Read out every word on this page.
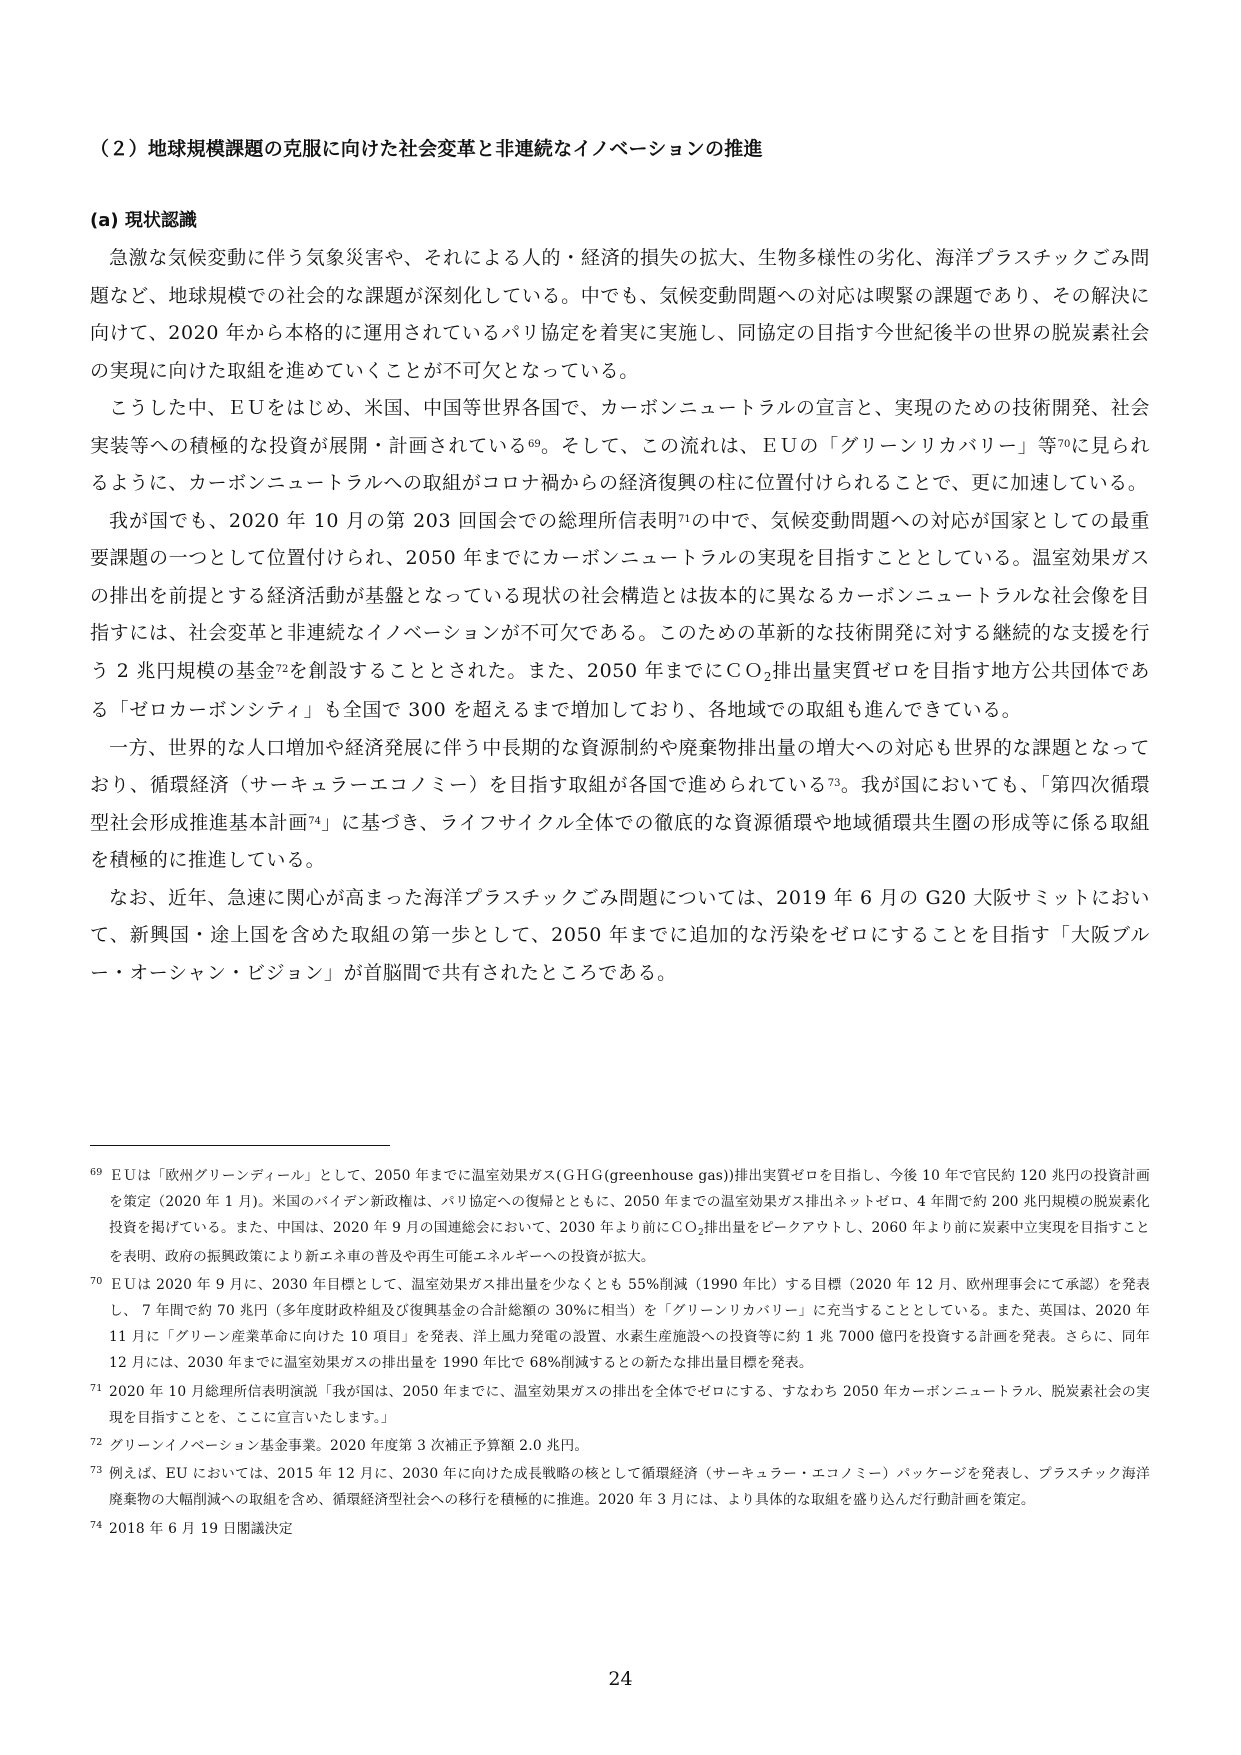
（２）地球規模課題の克服に向けた社会変革と非連続なイノベーションの推進
(a) 現状認識

急激な気候変動に伴う気象災害や、それによる人的・経済的損失の拡大、生物多様性の劣化、海洋プラスチックごみ問題など、地球規模での社会的な課題が深刻化している。中でも、気候変動問題への対応は喫緊の課題であり、その解決に向けて、2020 年から本格的に運用されているパリ協定を着実に実施し、同協定の目指す今世紀後半の世界の脱炭素社会の実現に向けた取組を進めていくことが不可欠となっている。

こうした中、ＥＵをはじめ、米国、中国等世界各国で、カーボンニュートラルの宣言と、実現のための技術開発、社会実装等への積極的な投資が展開・計画されている$^{69}$。そして、この流れは、ＥＵの「グリーンリカバリー」等$^{70}$に見られるように、カーボンニュートラルへの取組がコロナ禍からの経済復興の柱に位置付けられることで、更に加速している。

我が国でも、2020 年 10 月の第 203 回国会での総理所信表明$^{71}$の中で、気候変動問題への対応が国家としての最重要課題の一つとして位置付けられ、2050 年までにカーボンニュートラルの実現を目指すこととしている。温室効果ガスの排出を前提とする経済活動が基盤となっている現状の社会構造とは抜本的に異なるカーボンニュートラルな社会像を目指すには、社会変革と非連続なイノベーションが不可欠である。このための革新的な技術開発に対する継続的な支援を行う 2 兆円規模の基金$^{72}$を創設することとされた。また、2050 年までにＣＯ$_2$排出量実質ゼロを目指す地方公共団体である「ゼロカーボンシティ」も全国で 300 を超えるまで増加しており、各地域での取組も進んできている。

一方、世界的な人口増加や経済発展に伴う中長期的な資源制約や廃棄物排出量の増大への対応も世界的な課題となっており、循環経済（サーキュラーエコノミー）を目指す取組が各国で進められている$^{73}$。我が国においても、「第四次循環型社会形成推進基本計画$^{74}$」に基づき、ライフサイクル全体での徹底的な資源循環や地域循環共生圏の形成等に係る取組を積極的に推進している。

なお、近年、急速に関心が高まった海洋プラスチックごみ問題については、2019 年 6 月の G20 大阪サミットにおいて、新興国・途上国を含めた取組の第一歩として、2050 年までに追加的な汚染をゼロにすることを目指す「大阪ブルー・オーシャン・ビジョン」が首脳間で共有されたところである。

69 ＥＵは「欧州グリーンディール」として、2050 年までに温室効果ガス(ＧＨＧ(greenhouse gas))排出実質ゼロを目指し、今後 10 年で官民約 120 兆円の投資計画を策定（2020 年 1 月)。米国のバイデン新政権は、パリ協定への復帰とともに、2050 年までの温室効果ガス排出ネットゼロ、4 年間で約 200 兆円規模の脱炭素化投資を掲げている。また、中国は、2020 年 9 月の国連総会において、2030 年より前にＣＯ$_2$排出量をピークアウトし、2060 年より前に炭素中立実現を目指すことを表明、政府の振興政策により新エネ車の普及や再生可能エネルギーへの投資が拡大。
70 ＥＵは 2020 年 9 月に、2030 年目標として、温室効果ガス排出量を少なくとも 55%削減（1990 年比）する目標（2020 年 12 月、欧州理事会にて承認）を発表し、 7 年間で約 70 兆円（多年度財政枠組及び復興基金の合計総額の 30%に相当）を「グリーンリカバリー」に充当することとしている。また、英国は、2020 年 11 月に「グリーン産業革命に向けた 10 項目」を発表、洋上風力発電の設置、水素生産施設への投資等に約 1 兆 7000 億円を投資する計画を発表。さらに、同年 12 月には、2030 年までに温室効果ガスの排出量を 1990 年比で 68%削減するとの新たな排出量目標を発表。
71 2020 年 10 月総理所信表明演説「我が国は、2050 年までに、温室効果ガスの排出を全体でゼロにする、すなわち 2050 年カーボンニュートラル、脱炭素社会の実現を目指すことを、ここに宣言いたします。」
72 グリーンイノベーション基金事業。2020 年度第 3 次補正予算額 2.0 兆円。
73 例えば、EU においては、2015 年 12 月に、2030 年に向けた成長戦略の核として循環経済（サーキュラー・エコノミー）パッケージを発表し、プラスチック海洋廃棄物の大幅削減への取組を含め、循環経済型社会への移行を積極的に推進。2020 年 3 月には、より具体的な取組を盛り込んだ行動計画を策定。
74 2018 年 6 月 19 日閣議決定
24
